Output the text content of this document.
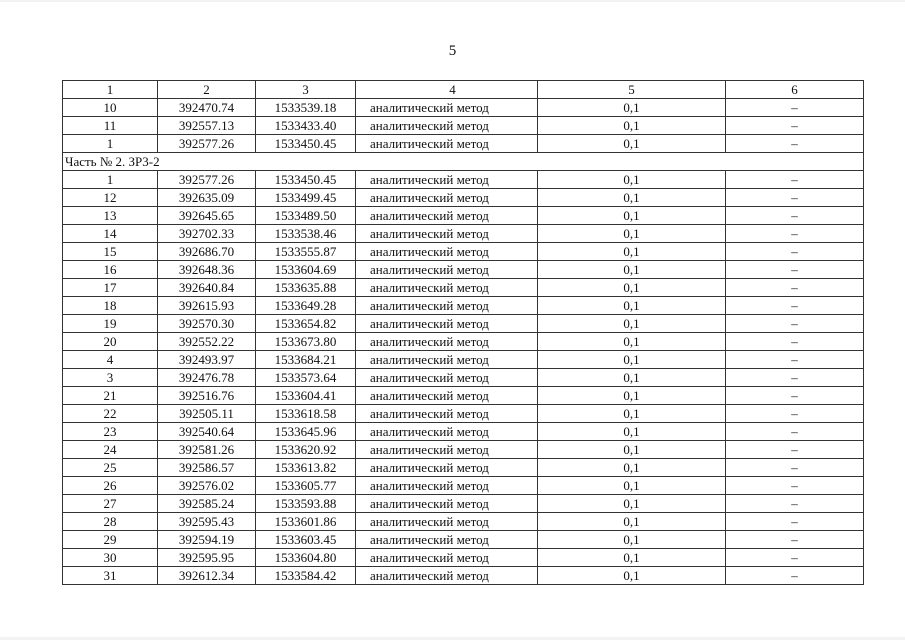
5
1	2	3	4	5	6
10	392470.74	1533539.18	аналитический метод	0,1	–
11	392557.13	1533433.40	аналитический метод	0,1	–
1	392577.26	1533450.45	аналитический метод	0,1	–
Часть № 2. ЗР3-2					
1	392577.26	1533450.45	аналитический метод	0,1	–
12	392635.09	1533499.45	аналитический метод	0,1	–
13	392645.65	1533489.50	аналитический метод	0,1	–
14	392702.33	1533538.46	аналитический метод	0,1	–
15	392686.70	1533555.87	аналитический метод	0,1	–
16	392648.36	1533604.69	аналитический метод	0,1	–
17	392640.84	1533635.88	аналитический метод	0,1	–
18	392615.93	1533649.28	аналитический метод	0,1	–
19	392570.30	1533654.82	аналитический метод	0,1	–
20	392552.22	1533673.80	аналитический метод	0,1	–
4	392493.97	1533684.21	аналитический метод	0,1	–
3	392476.78	1533573.64	аналитический метод	0,1	–
21	392516.76	1533604.41	аналитический метод	0,1	–
22	392505.11	1533618.58	аналитический метод	0,1	–
23	392540.64	1533645.96	аналитический метод	0,1	–
24	392581.26	1533620.92	аналитический метод	0,1	–
25	392586.57	1533613.82	аналитический метод	0,1	–
26	392576.02	1533605.77	аналитический метод	0,1	–
27	392585.24	1533593.88	аналитический метод	0,1	–
28	392595.43	1533601.86	аналитический метод	0,1	–
29	392594.19	1533603.45	аналитический метод	0,1	–
30	392595.95	1533604.80	аналитический метод	0,1	–
31	392612.34	1533584.42	аналитический метод	0,1	–
